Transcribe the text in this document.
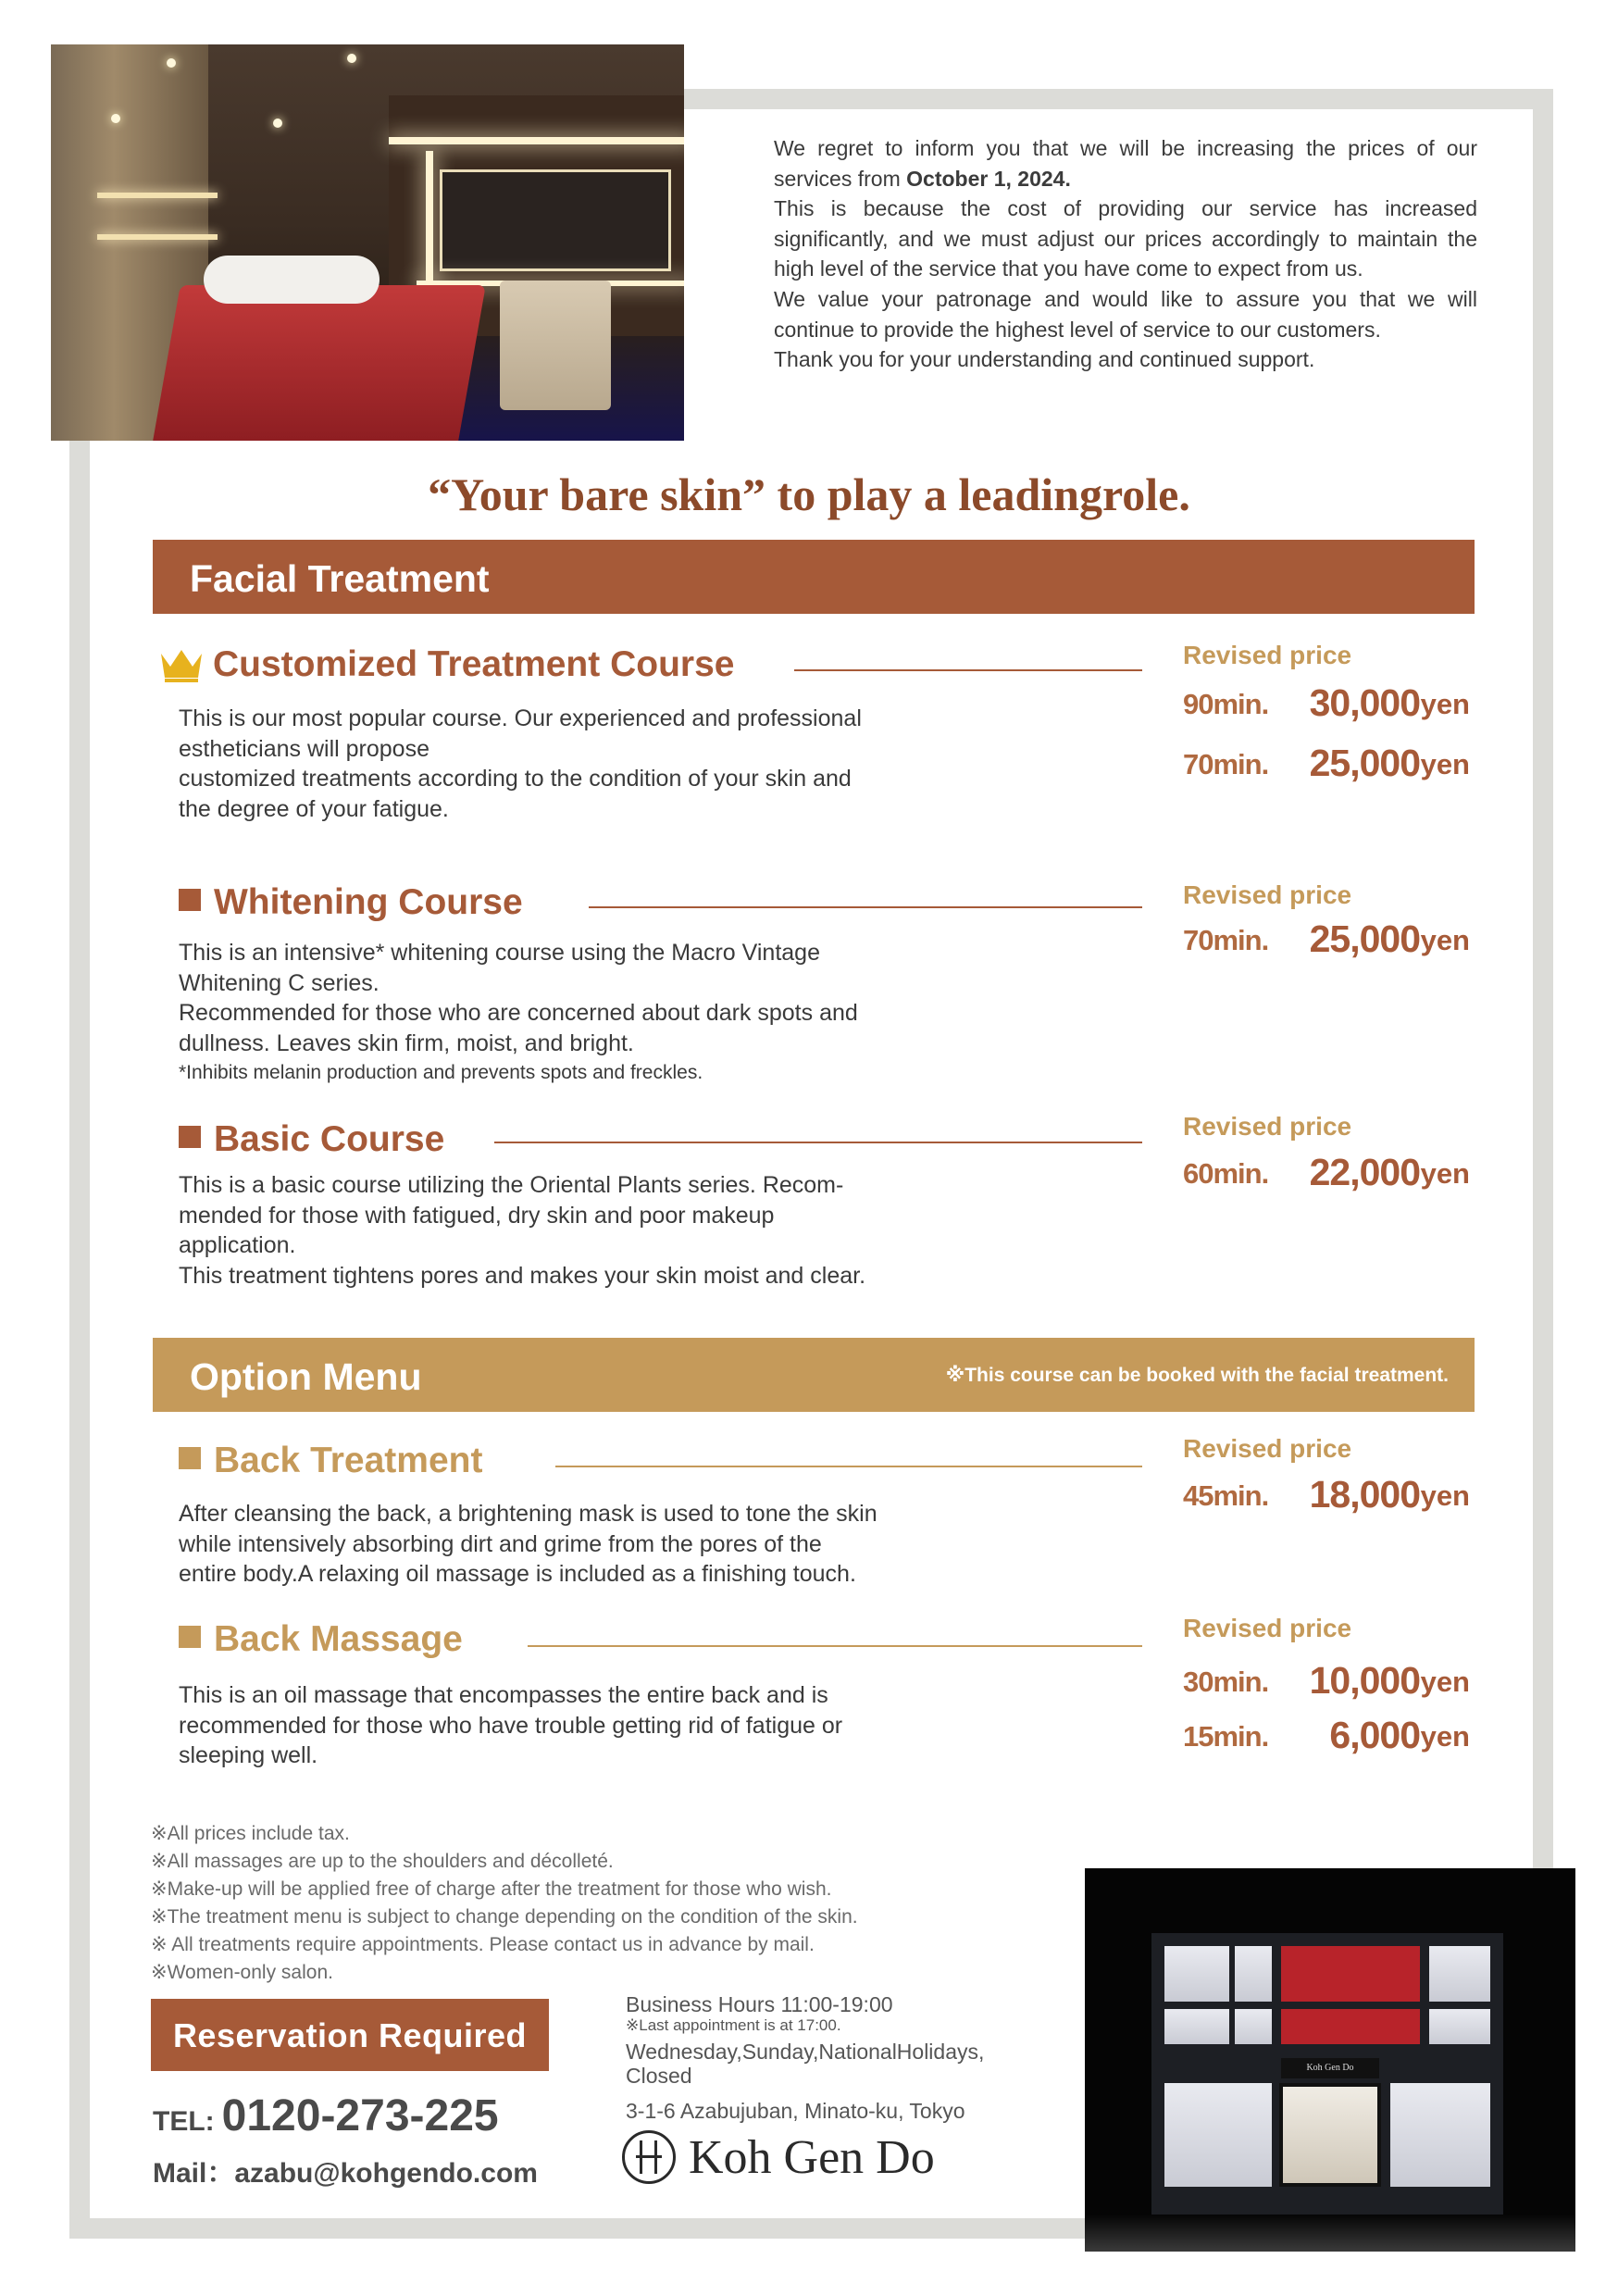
We regret to inform you that we will be increasing the prices of our services from October 1, 2024.

This is because the cost of providing our service has increased significantly, and we must adjust our prices accordingly to maintain the high level of the service that you have come to expect from us.

We value your patronage and would like to assure you that we will continue to provide the highest level of service to our customers.

Thank you for your understanding and continued support.

“Your bare skin” to play a leadingrole.
Facial Treatment
Customized Treatment Course
This is our most popular course. Our experienced and professional
estheticians will propose
customized treatments according to the condition of your skin and
the degree of your fatigue.
Revised price
90min. 30,000 yen
70min. 25,000 yen
Whitening Course
This is an intensive* whitening course using the Macro Vintage
Whitening C series.
Recommended for those who are concerned about dark spots and
dullness. Leaves skin firm, moist, and bright.
*Inhibits melanin production and prevents spots and freckles.
Revised price
70min. 25,000 yen
Basic Course
This is a basic course utilizing the Oriental Plants series. Recom-
mended for those with fatigued, dry skin and poor makeup
application.
This treatment tightens pores and makes your skin moist and clear.
Revised price
60min. 22,000 yen
Option Menu	※This course can be booked with the facial treatment.
Back Treatment
After cleansing the back, a brightening mask is used to tone the skin
while intensively absorbing dirt and grime from the pores of the
entire body.A relaxing oil massage is included as a finishing touch.
Revised price
45min. 18,000 yen
Back Massage
This is an oil massage that encompasses the entire back and is
recommended for those who have trouble getting rid of fatigue or
sleeping well.
Revised price
30min. 10,000 yen
15min. 6,000 yen
※All prices include tax.
※All massages are up to the shoulders and décolleté.
※Make-up will be applied free of charge after the treatment for those who wish.
※The treatment menu is subject to change depending on the condition of the skin.
※ All treatments require appointments. Please contact us in advance by mail.
※Women-only salon.
Reservation Required
TEL: 0120-273-225
Mail：azabu@kohgendo.com
Business Hours 11:00-19:00
※Last appointment is at 17:00.
Wednesday,Sunday,NationalHolidays,
Closed
3-1-6 Azabujuban, Minato-ku, Tokyo
Koh Gen Do
Koh Gen Do
